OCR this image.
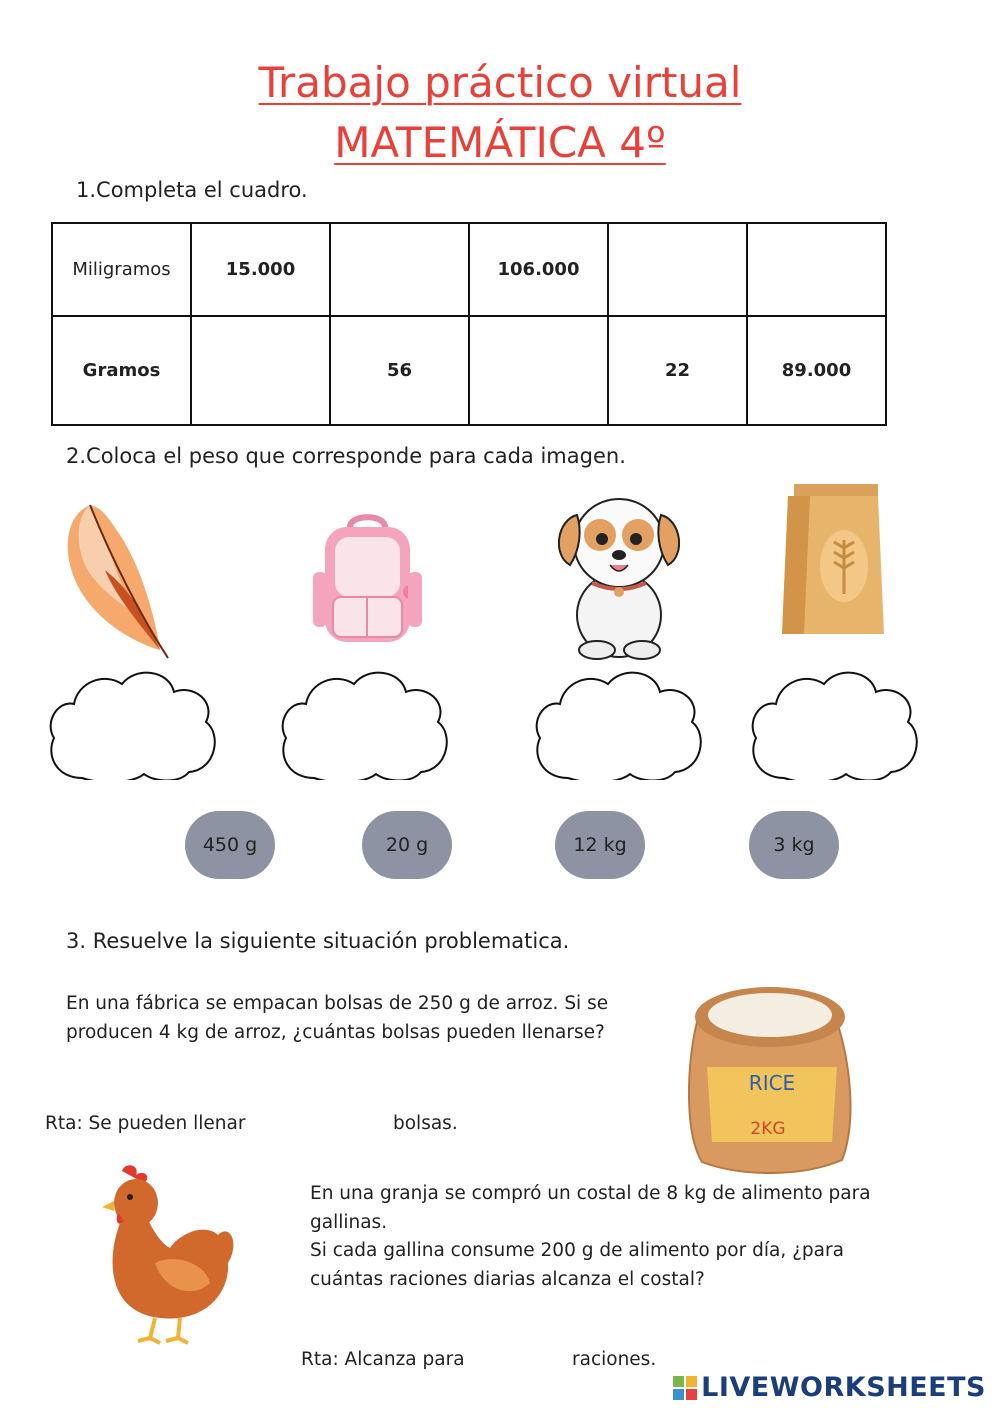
Trabajo práctico virtual
MATEMÁTICA 4º
1.Completa el cuadro.
Miligramos	15.000		106.000		
Gramos		56		22	89.000
2.Coloca el peso que corresponde para cada imagen.
450 g	20 g	12 kg	3 kg
3. Resuelve la siguiente situación problematica.
En una fábrica se empacan bolsas de 250 g de arroz. Si se producen 4 kg de arroz, ¿cuántas bolsas pueden llenarse?
RICE
2KG
Rta: Se pueden llenar	bolsas.
En una granja se compró un costal de 8 kg de alimento para gallinas.
Si cada gallina consume 200 g de alimento por día, ¿para cuántas raciones diarias alcanza el costal?
Rta: Alcanza para	raciones.
LIVEWORKSHEETS
